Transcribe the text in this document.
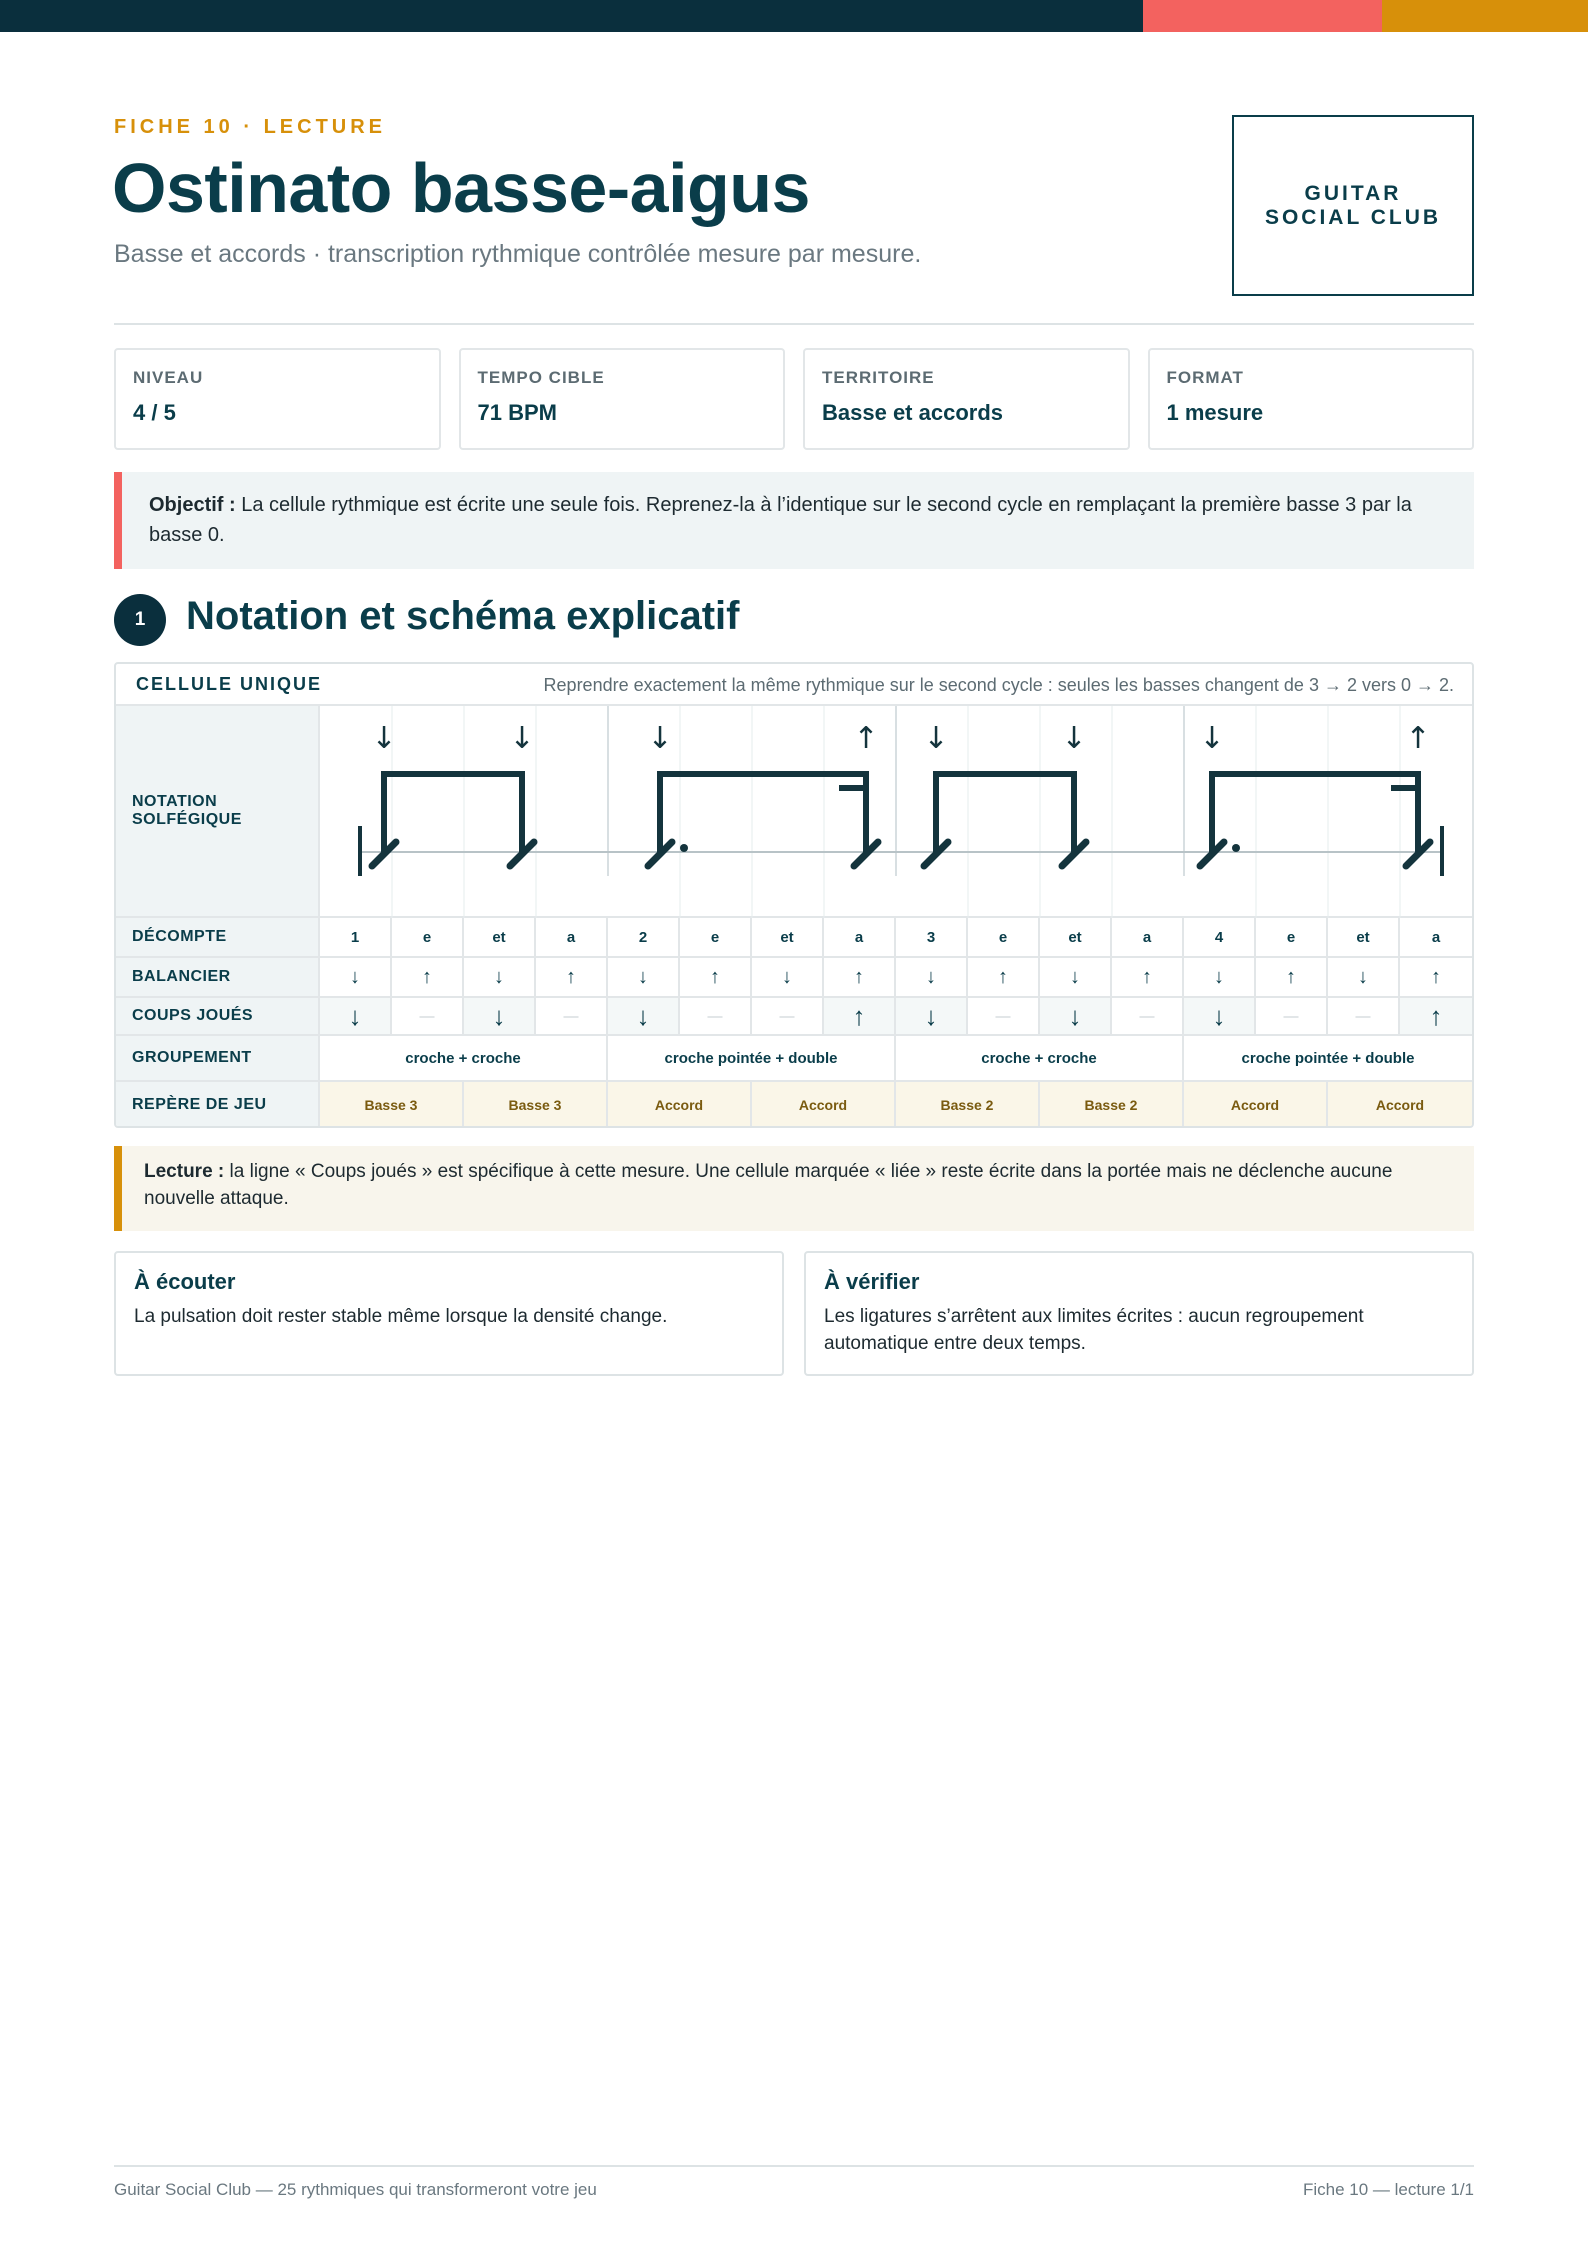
FICHE 10 · LECTURE
Ostinato basse-aigus
Basse et accords · transcription rythmique contrôlée mesure par mesure.
GUITAR
SOCIAL CLUB
NIVEAU
4 / 5
TEMPO CIBLE
71 BPM
TERRITOIRE
Basse et accords
FORMAT
1 mesure
Objectif : La cellule rythmique est écrite une seule fois. Reprenez-la à l’identique sur le second cycle en remplaçant la première basse 3 par la basse 0.
1	Notation et schéma explicatif
CELLULE UNIQUE	Reprendre exactement la même rythmique sur le second cycle : seules les basses changent de 3 → 2 vers 0 → 2.
NOTATION SOLFÉGIQUE
↓	↓	↓	↑ ↓	↓	↓	↑
DÉCOMPTE	1	e	et	a	2	e	et	a	3	e	et	a	4	e	et	a
BALANCIER	↓	↑	↓	↑	↓	↑	↓	↑	↓	↑	↓	↑	↓	↑	↓	↑
COUPS JOUÉS	↓	—	↓	—	↓	—	—	↑	↓	—	↓	—	↓	—	—	↑
GROUPEMENT	croche + croche	croche pointée + double	croche + croche	croche pointée + double
REPÈRE DE JEU	Basse 3	Basse 3	Accord	Accord	Basse 2	Basse 2	Accord	Accord
Lecture : la ligne « Coups joués » est spécifique à cette mesure. Une cellule marquée « liée » reste écrite dans la portée mais ne déclenche aucune nouvelle attaque.
À écouter
La pulsation doit rester stable même lorsque la densité change.
À vérifier
Les ligatures s’arrêtent aux limites écrites : aucun regroupement automatique entre deux temps.
Guitar Social Club — 25 rythmiques qui transformeront votre jeu	Fiche 10 — lecture 1/1
